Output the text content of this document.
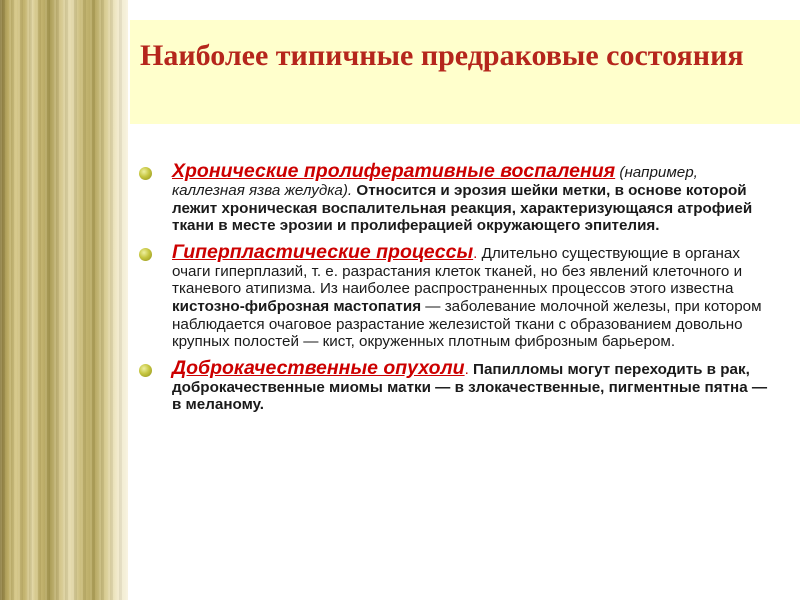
Наиболее типичные предраковые состояния
Хронические пролиферативные воспаления (например, каллезная язва желудка). Относится и эрозия шейки метки, в основе которой лежит хроническая воспалительная реакция, характеризующаяся атрофией ткани в месте эрозии и пролиферацией окружающего эпителия.
Гиперпластические процессы. Длительно существующие в органах очаги гиперплазий, т. е. разрастания клеток тканей, но без явлений клеточного и тканевого атипизма. Из наиболее распространенных процессов этого известна кистозно-фиброзная мастопатия — заболевание молочной железы, при котором наблюдается очаговое разрастание железистой ткани с образованием довольно крупных полостей — кист, окруженных плотным фиброзным барьером.
Доброкачественные опухоли. Папилломы могут переходить в рак, доброкачественные миомы матки — в злокачественные, пигментные пятна — в меланому.
